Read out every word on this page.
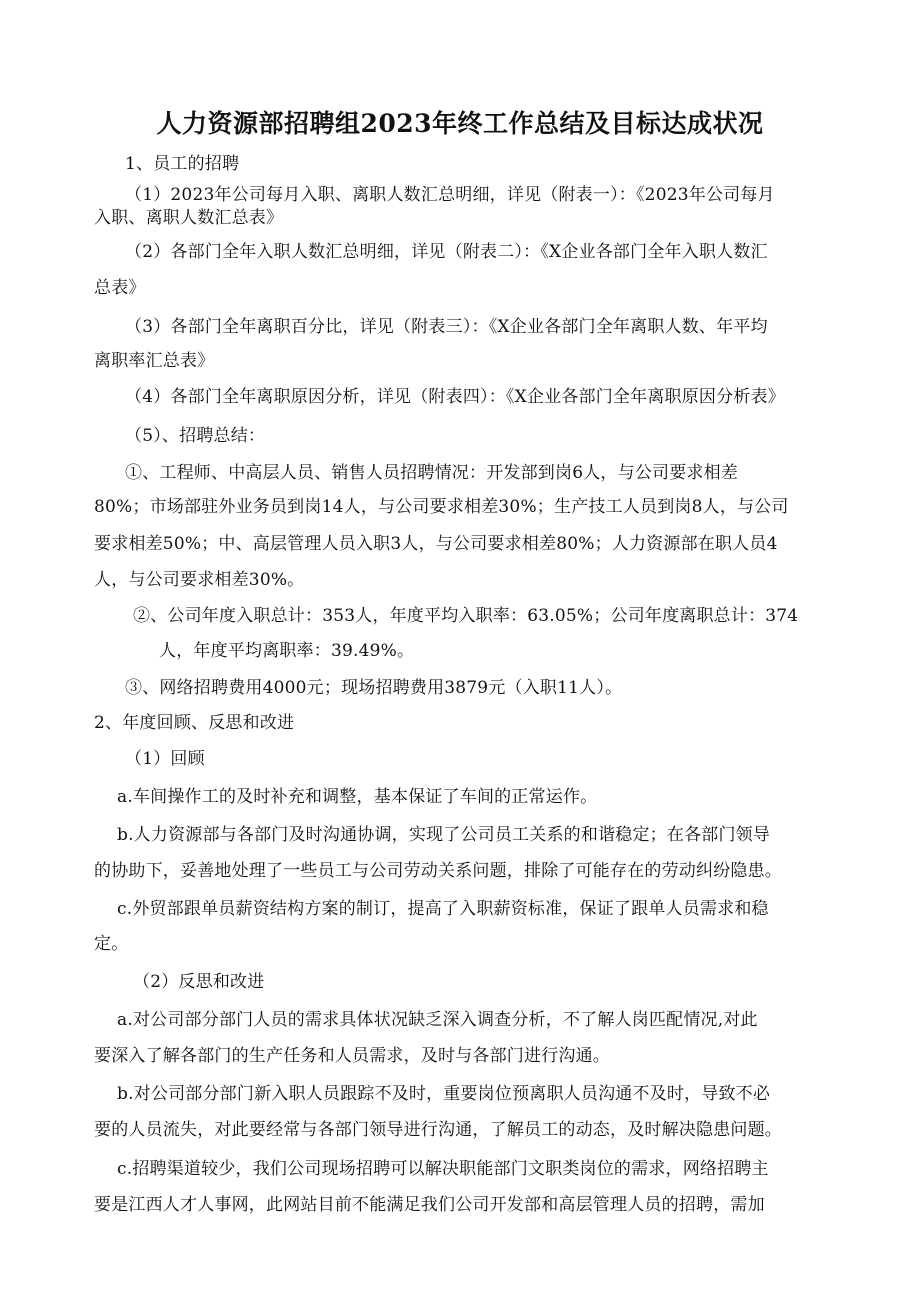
人力资源部招聘组2023年终工作总结及目标达成状况
1、员工的招聘
（1）2023年公司每月入职、离职人数汇总明细，详见（附表一）：《2023年公司每月
入职、离职人数汇总表》
（2）各部门全年入职人数汇总明细，详见（附表二）：《X企业各部门全年入职人数汇
总表》
（3）各部门全年离职百分比，详见（附表三）：《X企业各部门全年离职人数、年平均
离职率汇总表》
（4）各部门全年离职原因分析，详见（附表四）：《X企业各部门全年离职原因分析表》
（5）、招聘总结：
①、工程师、中高层人员、销售人员招聘情况：开发部到岗6人，与公司要求相差
80%；市场部驻外业务员到岗14人，与公司要求相差30%；生产技工人员到岗8人，与公司
要求相差50%；中、高层管理人员入职3人，与公司要求相差80%；人力资源部在职人员4
人，与公司要求相差30%。
②、公司年度入职总计：353人，年度平均入职率：63.05%；公司年度离职总计：374
人，年度平均离职率：39.49%。
③、网络招聘费用4000元；现场招聘费用3879元（入职11人）。
2、年度回顾、反思和改进
（1）回顾
a.车间操作工的及时补充和调整，基本保证了车间的正常运作。
b.人力资源部与各部门及时沟通协调，实现了公司员工关系的和谐稳定；在各部门领导
的协助下，妥善地处理了一些员工与公司劳动关系问题，排除了可能存在的劳动纠纷隐患。
c.外贸部跟单员薪资结构方案的制订，提高了入职薪资标准，保证了跟单人员需求和稳
定。
（2）反思和改进
a.对公司部分部门人员的需求具体状况缺乏深入调查分析，不了解人岗匹配情况,对此
要深入了解各部门的生产任务和人员需求，及时与各部门进行沟通。
b.对公司部分部门新入职人员跟踪不及时，重要岗位预离职人员沟通不及时，导致不必
要的人员流失，对此要经常与各部门领导进行沟通，了解员工的动态，及时解决隐患问题。
c.招聘渠道较少，我们公司现场招聘可以解决职能部门文职类岗位的需求，网络招聘主
要是江西人才人事网，此网站目前不能满足我们公司开发部和高层管理人员的招聘，需加
